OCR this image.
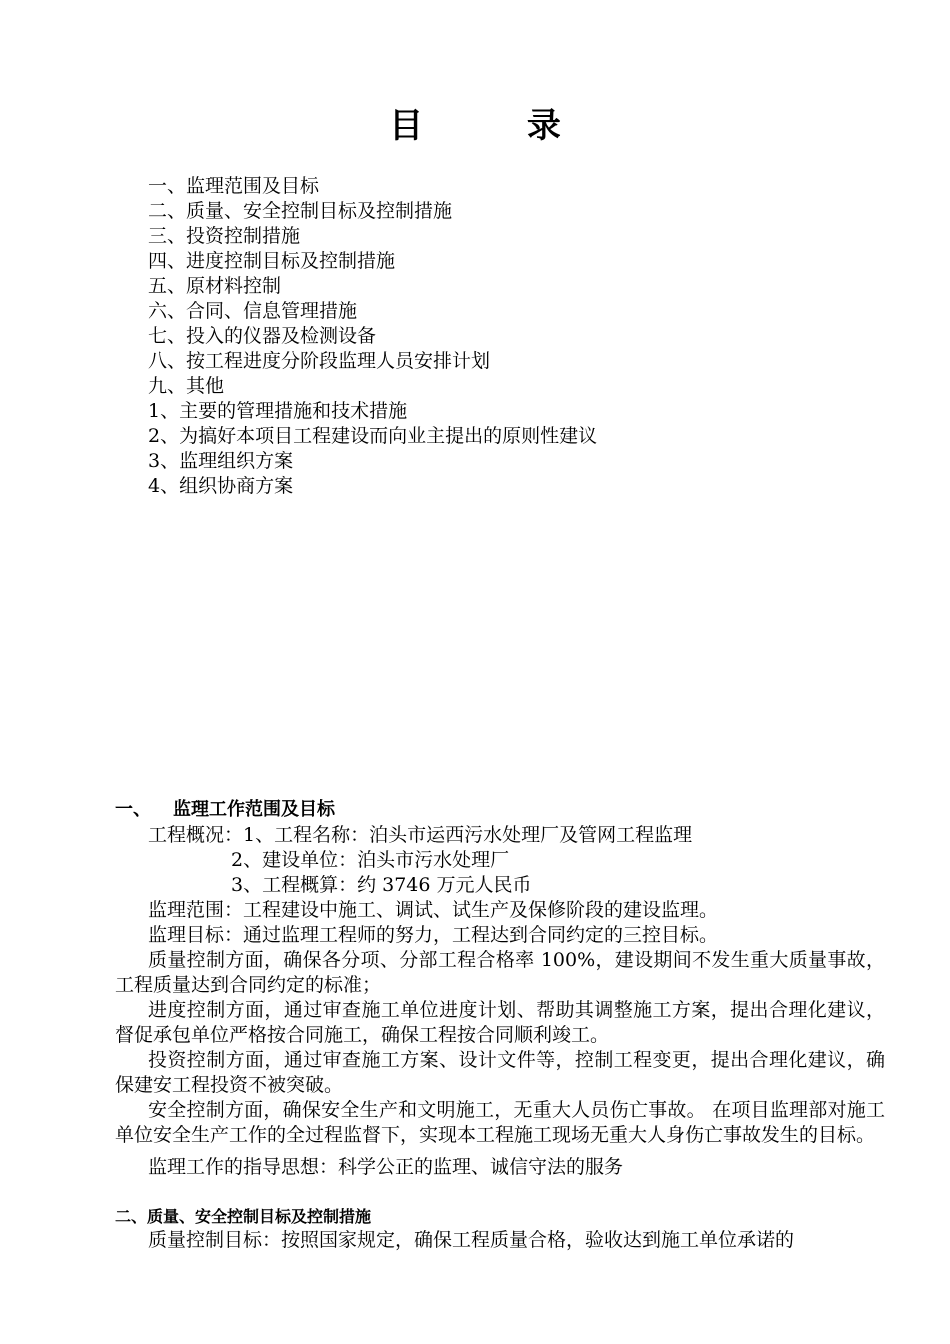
目 录
一、监理范围及目标
二、质量、安全控制目标及控制措施
三、投资控制措施
四、进度控制目标及控制措施
五、原材料控制
六、合同、信息管理措施
七、投入的仪器及检测设备
八、按工程进度分阶段监理人员安排计划
九、其他
1、主要的管理措施和技术措施
2、为搞好本项目工程建设而向业主提出的原则性建议
3、监理组织方案
4、组织协商方案
一、 监理工作范围及目标
工程概况：1、工程名称：泊头市运西污水处理厂及管网工程监理
2、建设单位：泊头市污水处理厂
3、工程概算：约 3746 万元人民币
监理范围：工程建设中施工、调试、试生产及保修阶段的建设监理。
监理目标：通过监理工程师的努力，工程达到合同约定的三控目标。
质量控制方面，确保各分项、分部工程合格率 100%，建设期间不发生重大质量事故，工程质量达到合同约定的标准；
进度控制方面，通过审查施工单位进度计划、帮助其调整施工方案，提出合理化建议，督促承包单位严格按合同施工，确保工程按合同顺利竣工。
投资控制方面，通过审查施工方案、设计文件等，控制工程变更，提出合理化建议，确保建安工程投资不被突破。
安全控制方面，确保安全生产和文明施工，无重大人员伤亡事故。 在项目监理部对施工单位安全生产工作的全过程监督下，实现本工程施工现场无重大人身伤亡事故发生的目标。
监理工作的指导思想：科学公正的监理、诚信守法的服务
二、质量、安全控制目标及控制措施
质量控制目标：按照国家规定，确保工程质量合格，验收达到施工单位承诺的
